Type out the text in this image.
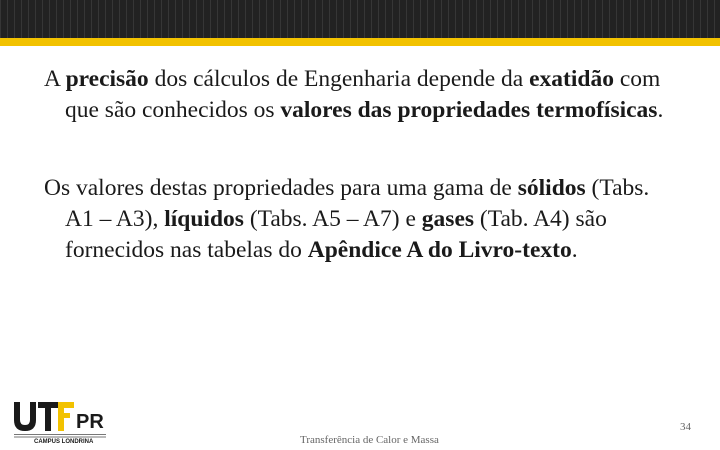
A precisão dos cálculos de Engenharia depende da exatidão com que são conhecidos os valores das propriedades termofísicas.

Os valores destas propriedades para uma gama de sólidos (Tabs. A1 – A3), líquidos (Tabs. A5 – A7) e gases (Tab. A4) são fornecidos nas tabelas do Apêndice A do Livro-texto.

PR
CAMPUS LONDRINA	Transferência de Calor e Massa
34
